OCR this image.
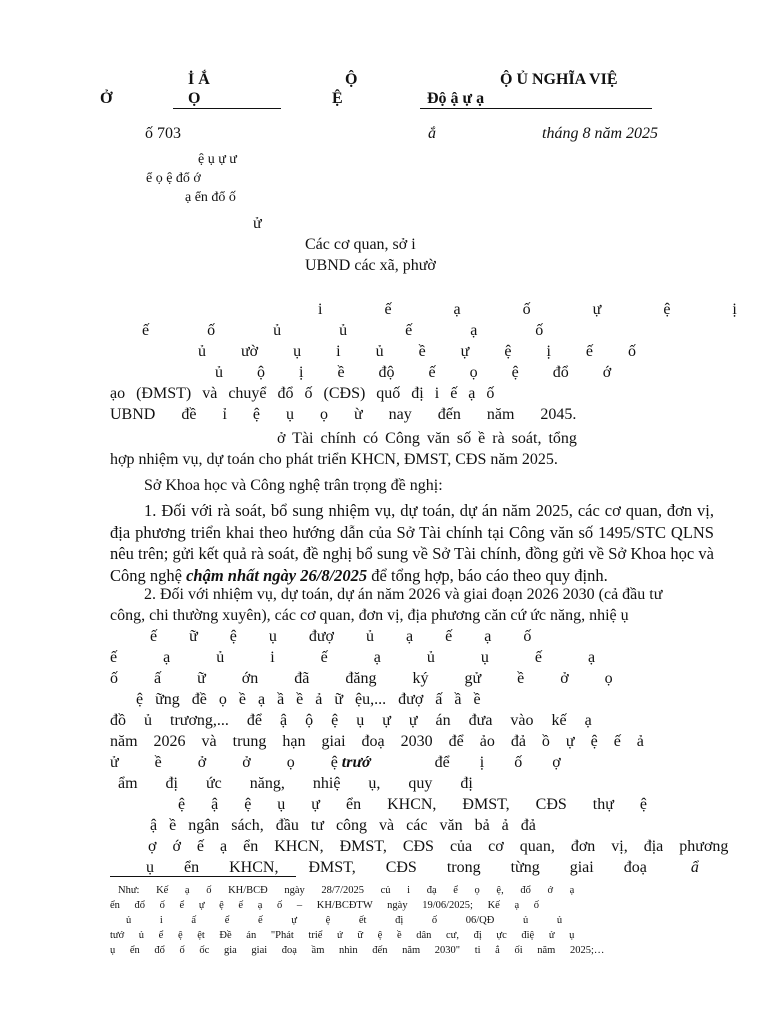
İ Ắ
Ở	Ọ
Ộ	Ộ Ủ NGHĨA VIỆ
Ệ	Độ ậ ự ạ
ố 703	ắ	tháng 8 năm 2025
ệ ụ ự ư
ể ọ ệ đổ ớ
ạ ển đổ ố
ử
Các cơ quan, sở i
UBND các xã, phườ
i ế ạ ố ự ệ ị
ế ố ủ ủ ế ạ ố
ủ ườ ụ i ủ ề ự ệ ị ế ố
ủ ộ ị ề độ ế ọ ệ đổ ớ
ạo (ĐMST) và chuyể đổ ố (CĐS) quố đị i ế ạ ố
UBND đề ỉ ệ ụ ọ ừ nay đến năm 2045.
ở Tài chính có Công văn số ề rà soát, tổng
hợp nhiệm vụ, dự toán cho phát triển KHCN, ĐMST, CĐS năm 2025.
Sở Khoa học và Công nghệ trân trọng đề nghị:
1. Đối với rà soát, bổ sung nhiệm vụ, dự toán, dự án năm 2025, các cơ quan, đơn vị, địa phương triển khai theo hướng dẫn của Sở Tài chính tại Công văn số 1495/STC QLNS nêu trên; gửi kết quả rà soát, đề nghị bổ sung về Sở Tài chính, đồng gửi về Sở Khoa học và Công nghệ chậm nhất ngày 26/8/2025 để tổng hợp, báo cáo theo quy định.
2. Đối với nhiệm vụ, dự toán, dự án năm 2026 và giai đoạn 2026 2030 (cả đầu tư
công, chi thường xuyên), các cơ quan, đơn vị, địa phương căn cứ ức năng, nhiệ ụ
ế ữ ệ ụ đượ ủ ạ ế ạ ố
ế ạ ủ i ế ạ ủ ụ ế ạ
ố ấ ữ ớn đã đăng ký gử ề ở ọ
ệ ững đề ọ ề ạ ầ ề ả ữ ệu,... đượ ấ ầ ề
đồ ủ trương,... để ậ ộ ệ ụ ự ự án đưa vào kế ạ
năm 2026 và trung hạn giai đoạ 2030 để ảo đả ồ ự ệ ế ả
ử ề ở ở ọ ệ trướ	để ị ố ợ
ẩm đị ức năng, nhiệ ụ, quy đị
ệ ậ ệ ụ ự ển KHCN, ĐMST, CĐS thự ệ
ậ ề ngân sách, đầu tư công và các văn bả ả đả
ợ ớ ế ạ ển KHCN, ĐMST, CĐS của cơ quan, đơn vị, địa phương
ụ ển KHCN, ĐMST, CĐS trong từng giai đoạ	ẩ
Như: Kế ạ ố KH/BCĐ ngày 28/7/2025 củ i đạ ể ọ ệ, đổ ớ ạ
ển đổ ố ể ự ệ ế ạ ố – KH/BCĐTW ngày 19/06/2025; Kế ạ ố
ủ i ấ ể ế ự ệ ết đị ố 06/QĐ ủ ủ
tướ ủ ể ệ ệt Đề án "Phát triể ứ ữ ệ ề dân cư, đị ực điệ ử ụ
ụ ển đổ ố ốc gia giai đoạ ầm nhìn đến năm 2030" ti ắ ối năm 2025;…
